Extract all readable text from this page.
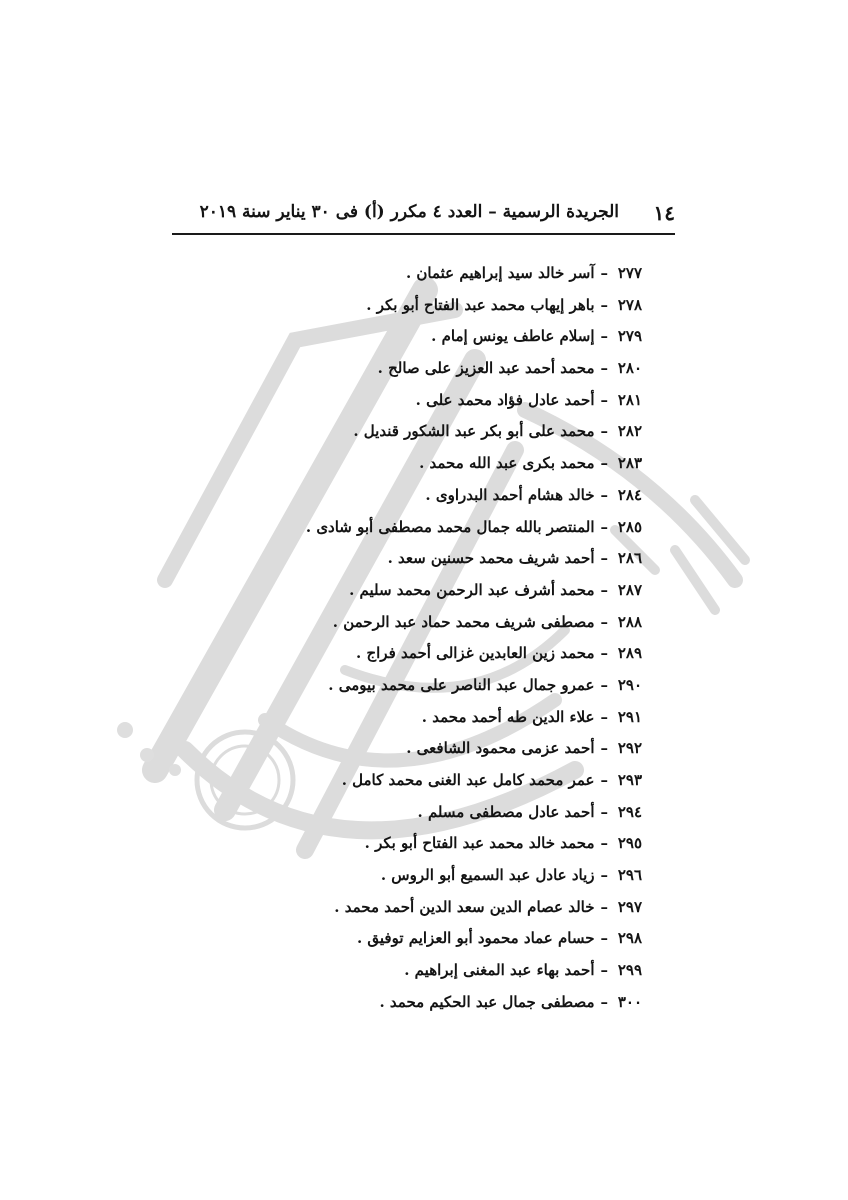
١٤
الجريدة الرسمية – العدد ٤ مكرر (أ) فى ٣٠ يناير سنة ٢٠١٩
٢٧٧–آسر خالد سيد إبراهيم عثمان .
٢٧٨–باهر إيهاب محمد عبد الفتاح أبو بكر .
٢٧٩–إسلام عاطف يونس إمام .
٢٨٠–محمد أحمد عبد العزيز على صالح .
٢٨١–أحمد عادل فؤاد محمد على .
٢٨٢–محمد على أبو بكر عبد الشكور قنديل .
٢٨٣–محمد بكرى عبد الله محمد .
٢٨٤–خالد هشام أحمد البدراوى .
٢٨٥–المنتصر بالله جمال محمد مصطفى أبو شادى .
٢٨٦–أحمد شريف محمد حسنين سعد .
٢٨٧–محمد أشرف عبد الرحمن محمد سليم .
٢٨٨–مصطفى شريف محمد حماد عبد الرحمن .
٢٨٩–محمد زين العابدين غزالى أحمد فراج .
٢٩٠–عمرو جمال عبد الناصر على محمد بيومى .
٢٩١–علاء الدين طه أحمد محمد .
٢٩٢–أحمد عزمى محمود الشافعى .
٢٩٣–عمر محمد كامل عبد الغنى محمد كامل .
٢٩٤–أحمد عادل مصطفى مسلم .
٢٩٥–محمد خالد محمد عبد الفتاح أبو بكر .
٢٩٦–زياد عادل عبد السميع أبو الروس .
٢٩٧–خالد عصام الدين سعد الدين أحمد محمد .
٢٩٨–حسام عماد محمود أبو العزايم توفيق .
٢٩٩–أحمد بهاء عبد المغنى إبراهيم .
٣٠٠–مصطفى جمال عبد الحكيم محمد .
